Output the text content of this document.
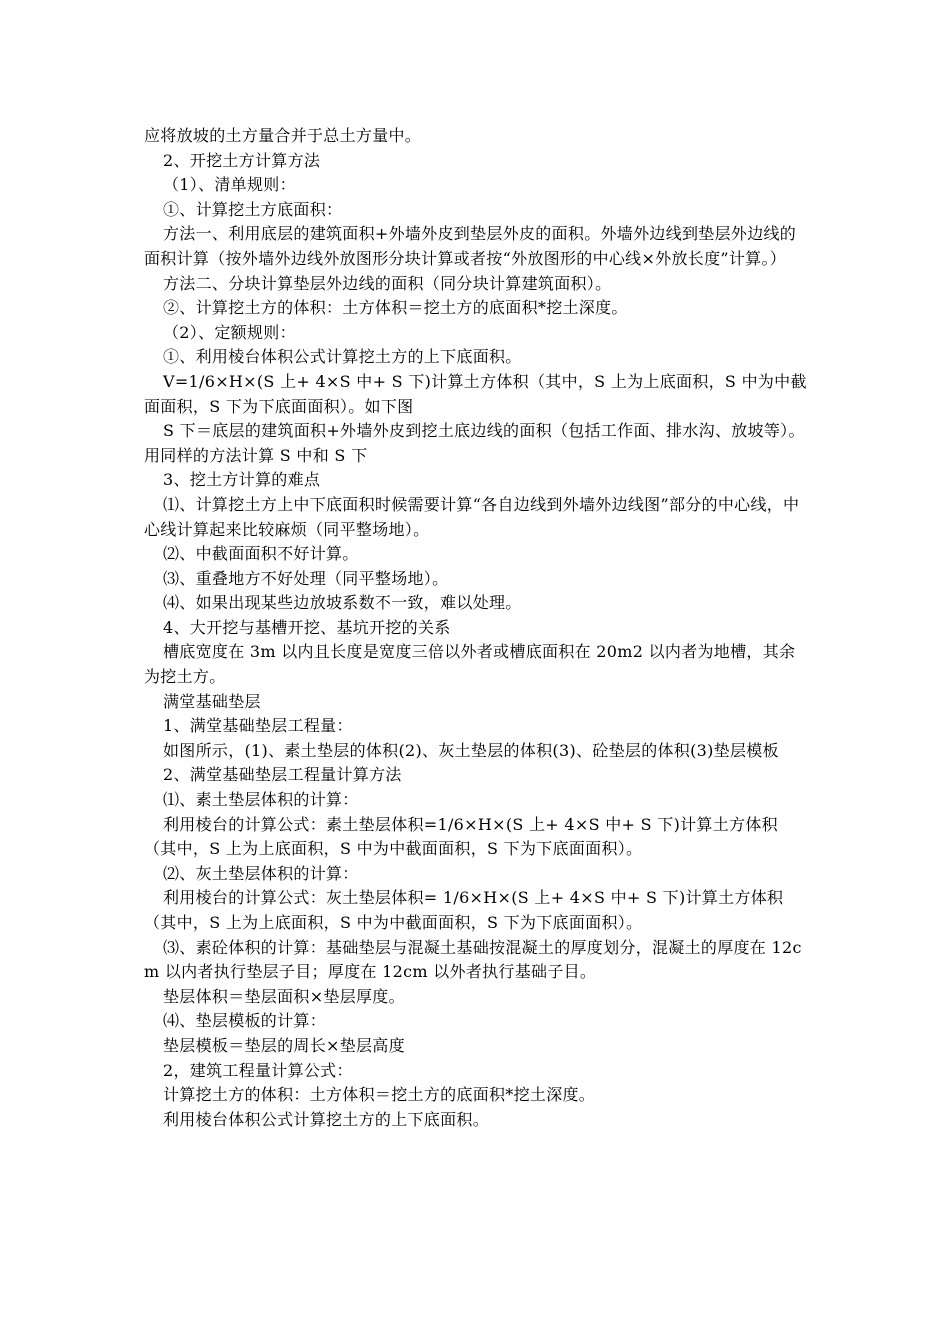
应将放坡的土方量合并于总土方量中。

2、开挖土方计算方法

（1）、清单规则：

①、计算挖土方底面积：

方法一、利用底层的建筑面积+外墙外皮到垫层外皮的面积。外墙外边线到垫层外边线的面积计算（按外墙外边线外放图形分块计算或者按“外放图形的中心线×外放长度”计算。）

方法二、分块计算垫层外边线的面积（同分块计算建筑面积）。

②、计算挖土方的体积：土方体积＝挖土方的底面积*挖土深度。

（2）、定额规则：

①、利用棱台体积公式计算挖土方的上下底面积。

V=1/6×H×(S 上+ 4×S 中+ S 下)计算土方体积（其中，S 上为上底面积，S 中为中截面面积，S 下为下底面面积）。如下图

S 下＝底层的建筑面积+外墙外皮到挖土底边线的面积（包括工作面、排水沟、放坡等）。

用同样的方法计算 S 中和 S 下

3、挖土方计算的难点

⑴、计算挖土方上中下底面积时候需要计算“各自边线到外墙外边线图”部分的中心线，中心线计算起来比较麻烦（同平整场地）。

⑵、中截面面积不好计算。

⑶、重叠地方不好处理（同平整场地）。

⑷、如果出现某些边放坡系数不一致，难以处理。

4、大开挖与基槽开挖、基坑开挖的关系

槽底宽度在 3m 以内且长度是宽度三倍以外者或槽底面积在 20m2 以内者为地槽，其余为挖土方。

满堂基础垫层

1、满堂基础垫层工程量：

如图所示，(1)、素土垫层的体积(2)、灰土垫层的体积(3)、砼垫层的体积(3)垫层模板

2、满堂基础垫层工程量计算方法

⑴、素土垫层体积的计算：

利用棱台的计算公式：素土垫层体积=1/6×H×(S 上+ 4×S 中+ S 下)计算土方体积（其中，S 上为上底面积，S 中为中截面面积，S 下为下底面面积）。

⑵、灰土垫层体积的计算：

利用棱台的计算公式：灰土垫层体积= 1/6×H×(S 上+ 4×S 中+ S 下)计算土方体积（其中，S 上为上底面积，S 中为中截面面积，S 下为下底面面积）。

⑶、素砼体积的计算：基础垫层与混凝土基础按混凝土的厚度划分，混凝土的厚度在 12cm 以内者执行垫层子目；厚度在 12cm 以外者执行基础子目。

垫层体积＝垫层面积×垫层厚度。

⑷、垫层模板的计算：

垫层模板＝垫层的周长×垫层高度

2，建筑工程量计算公式：

计算挖土方的体积：土方体积＝挖土方的底面积*挖土深度。

利用棱台体积公式计算挖土方的上下底面积。
